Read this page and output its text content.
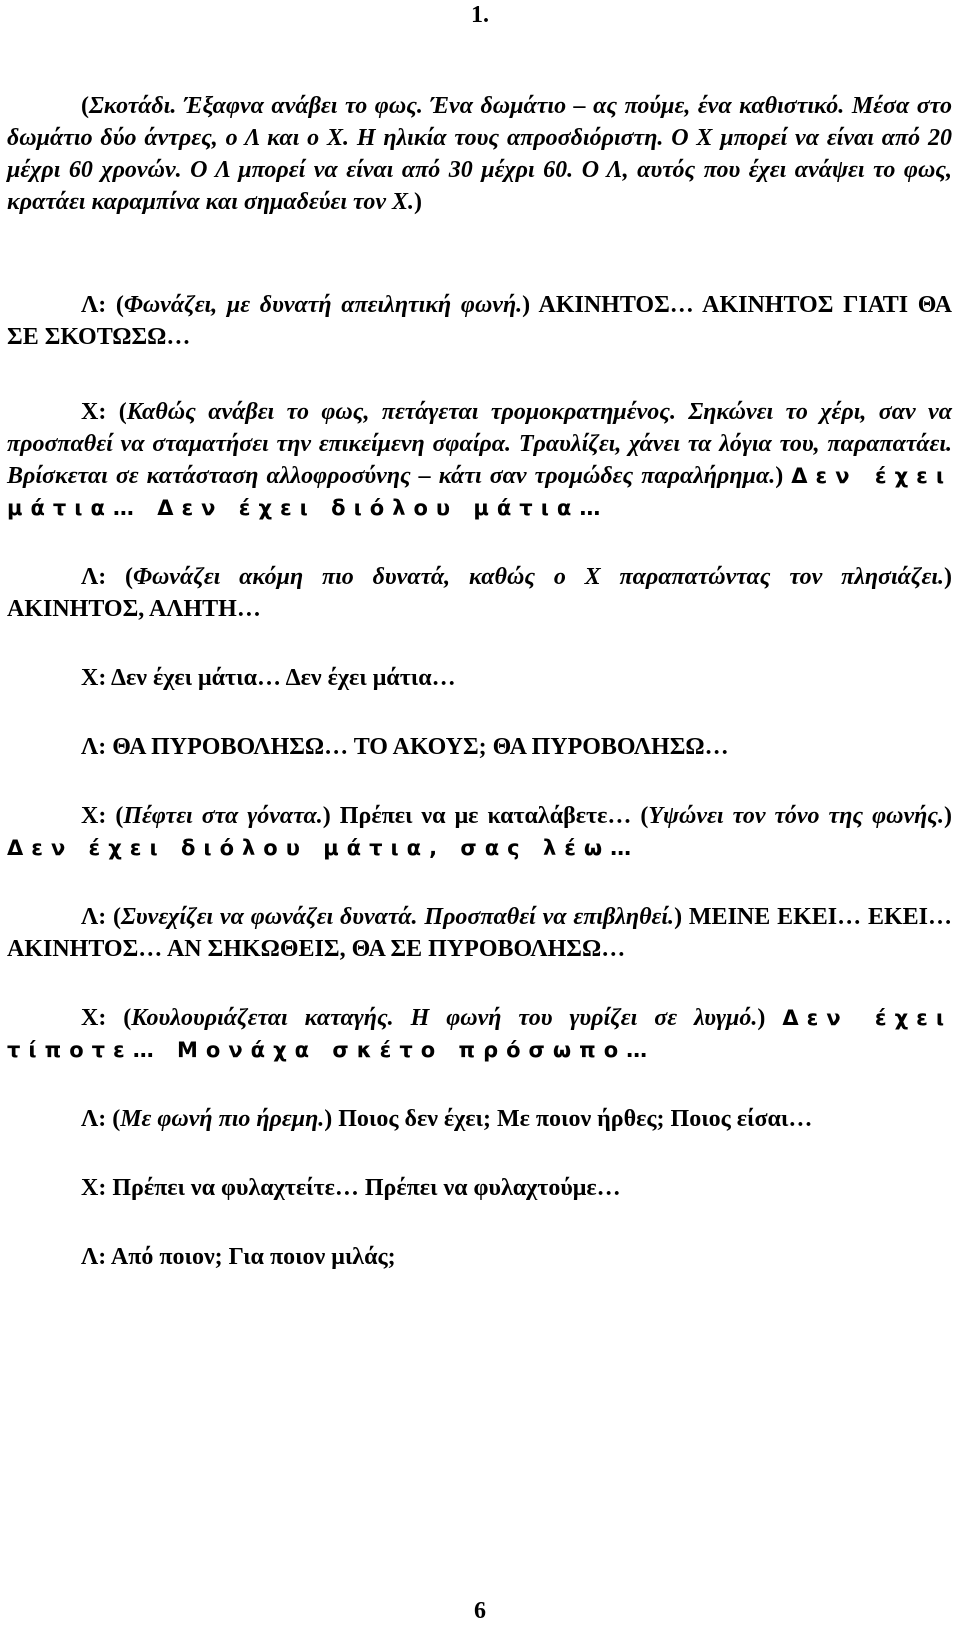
1.

(Σκοτάδι. Έξαφνα ανάβει το φως. Ένα δωμάτιο – ας πούμε, ένα καθιστικό. Μέσα στο δωμάτιο δύο άντρες, ο Λ και ο Χ. Η ηλικία τους απροσδιόριστη. Ο Χ μπορεί να είναι από 20 μέχρι 60 χρονών. Ο Λ μπορεί να είναι από 30 μέχρι 60. Ο Λ, αυτός που έχει ανάψει το φως, κρατάει καραμπίνα και σημαδεύει τον Χ.)

Λ: (Φωνάζει, με δυνατή απειλητική φωνή.) ΑΚΙΝΗΤΟΣ… ΑΚΙΝΗΤΟΣ ΓΙΑΤΙ ΘΑ ΣΕ ΣΚΟΤΩΣΩ…

Χ: (Καθώς ανάβει το φως, πετάγεται τρομοκρατημένος. Σηκώνει το χέρι, σαν να προσπαθεί να σταματήσει την επικείμενη σφαίρα. Τραυλίζει, χάνει τα λόγια του, παραπατάει. Βρίσκεται σε κατάσταση αλλοφροσύνης – κάτι σαν τρομώδες παραλήρημα.) Δεν έχει μάτια… Δεν έχει διόλου μάτια…

Λ: (Φωνάζει ακόμη πιο δυνατά, καθώς ο Χ παραπατώντας τον πλησιάζει.) ΑΚΙΝΗΤΟΣ, ΑΛΗΤΗ…

Χ: Δεν έχει μάτια… Δεν έχει μάτια…

Λ: ΘΑ ΠΥΡΟΒΟΛΗΣΩ… ΤΟ ΑΚΟΥΣ; ΘΑ ΠΥΡΟΒΟΛΗΣΩ…

Χ: (Πέφτει στα γόνατα.) Πρέπει να με καταλάβετε… (Υψώνει τον τόνο της φωνής.) Δεν έχει διόλου μάτια, σας λέω…

Λ: (Συνεχίζει να φωνάζει δυνατά. Προσπαθεί να επιβληθεί.) ΜΕΙΝΕ ΕΚΕΙ… ΕΚΕΙ… ΑΚΙΝΗΤΟΣ… ΑΝ ΣΗΚΩΘΕΙΣ, ΘΑ ΣΕ ΠΥΡΟΒΟΛΗΣΩ…

Χ: (Κουλουριάζεται καταγής. Η φωνή του γυρίζει σε λυγμό.) Δεν έχει τίποτε… Μονάχα σκέτο πρόσωπο…

Λ: (Με φωνή πιο ήρεμη.) Ποιος δεν έχει; Με ποιον ήρθες; Ποιος είσαι…

Χ: Πρέπει να φυλαχτείτε… Πρέπει να φυλαχτούμε…

Λ: Από ποιον; Για ποιον μιλάς;

6
